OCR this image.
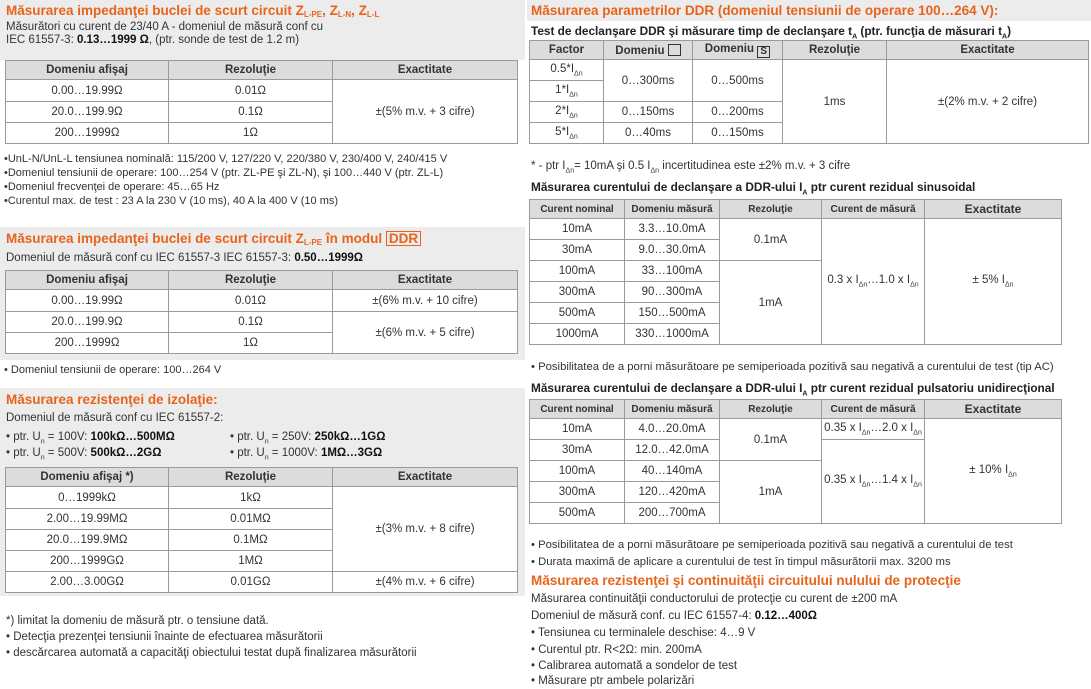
Măsurarea impedanţei buclei de scurt circuit $Z_{L-PE}$, $Z_{L-N}$, $Z_{L-L}$
Măsurători cu curent de 23/40 A - domeniul de măsură conf cu
IEC 61557-3: 0.13…1999 Ω, (ptr. sonde de test de 1.2 m)
Domeniu afişaj	Rezoluţie	Exactitate
0.00…19.99Ω	0.01Ω	±(5% m.v. + 3 cifre)
20.0…199.9Ω	0.1Ω	
200…1999Ω	1Ω	
•UnL-N/UnL-L tensiunea nominală: 115/200 V, 127/220 V, 220/380 V, 230/400 V, 240/415 V
•Domeniul tensiunii de operare: 100…254 V (ptr. ZL-PE şi ZL-N), şi 100…440 V (ptr. ZL-L)
•Domeniul frecvenţei de operare: 45…65 Hz
•Curentul max. de test : 23 A la 230 V (10 ms), 40 A la 400 V (10 ms)
Măsurarea impedanţei buclei de scurt circuit $Z_{L-PE}$ în modul DDR
Domeniul de măsură conf cu IEC 61557-3 IEC 61557-3: 0.50…1999Ω
Domeniu afişaj	Rezoluţie	Exactitate
0.00…19.99Ω	0.01Ω	±(6% m.v. + 10 cifre)
20.0…199.9Ω	0.1Ω	±(6% m.v. + 5 cifre)
200…1999Ω	1Ω	
• Domeniul tensiunii de operare: 100…264 V
Măsurarea rezistenţei de izolaţie:
Domeniul de măsură conf cu IEC 61557-2:
• ptr. $U_n = 100V$: 100kΩ…500MΩ	• ptr. $U_n = 250V$: 250kΩ…1GΩ
• ptr. $U_n = 500V$: 500kΩ…2GΩ	• ptr. $U_n = 1000V$: 1MΩ…3GΩ
Domeniu afişaj *)	Rezoluţie	Exactitate
0…1999kΩ	1kΩ	±(3% m.v. + 8 cifre)
2.00…19.99MΩ	0.01MΩ	
20.0…199.9MΩ	0.1MΩ	
200…1999GΩ	1MΩ	
2.00…3.00GΩ	0.01GΩ	±(4% m.v. + 6 cifre)
*) limitat la domeniu de măsură ptr. o tensiune dată.
• Detecţia prezenţei tensiunii înainte de efectuarea măsurătorii
• descărcarea automată a capacităţi obiectului testat după finalizarea măsurătorii
Măsurarea parametrilor DDR (domeniul tensiunii de operare 100…264 V):
Test de declanşare DDR şi măsurare timp de declanşare $t_A$ (ptr. funcţia de măsurari $t_A$)
Factor	Domeniu	Domeniu S	Rezoluţie	Exactitate
$0.5*I_{\Delta n}$	0…300ms	0…500ms	1ms	±(2% m.v. + 2 cifre)
$1*I_{\Delta n}$
$2*I_{\Delta n}$	0…150ms	0…200ms		
$5*I_{\Delta n}$	0…40ms	0…150ms		
* - ptr $I_{\Delta n}= 10mA$ şi 0.5 $I_{\Delta n}$ incertitudinea este ±2% m.v. + 3 cifre
Măsurarea curentului de declanşare a DDR-ului $I_A$ ptr curent rezidual sinusoidal
Curent nominal	Domeniu măsură	Rezoluţie	Curent de măsură	Exactitate
10mA	3.3…10.0mA	0.1mA	0.3 x $I_{\Delta n}\dots 1.0$ x $I_{\Delta n}$	± 5% $I_{\Delta n}$
30mA	9.0…30.0mA			
100mA	33…100mA	1mA		
300mA	90…300mA			
500mA	150…500mA			
1000mA	330…1000mA			
• Posibilitatea de a porni măsurătoare pe semiperioada pozitivă sau negativă a curentului de test (tip AC)
Măsurarea curentului de declanşare a DDR-ului $I_A$ ptr curent rezidual pulsatoriu unidirecţional
Curent nominal	Domeniu măsură	Rezoluţie	Curent de măsură	Exactitate
10mA	4.0…20.0mA	0.1mA	0.35 x $I_{\Delta n}\dots 2.0$ x $I_{\Delta n}$	± 10% $I_{\Delta n}$
30mA	12.0…42.0mA		0.35 x $I_{\Delta n}\dots 1.4$ x $I_{\Delta n}$
100mA	40…140mA	1mA		
300mA	120…420mA			
500mA	200…700mA			
• Posibilitatea de a porni măsurătoare pe semiperioada pozitivă sau negativă a curentului de test
• Durata maximă de aplicare a curentului de test în timpul măsurătorii max. 3200 ms
Măsurarea rezistenţei şi continuităţii circuitului nulului de protecţie
Măsurarea continuităţii conductorului de protecţie cu curent de ±200 mA
Domeniul de măsură conf. cu IEC 61557-4: 0.12…400Ω
• Tensiunea cu terminalele deschise: 4…9 V
• Curentul ptr. R<2Ω: min. 200mA
• Calibrarea automată a sondelor de test
• Măsurare ptr ambele polarizări
